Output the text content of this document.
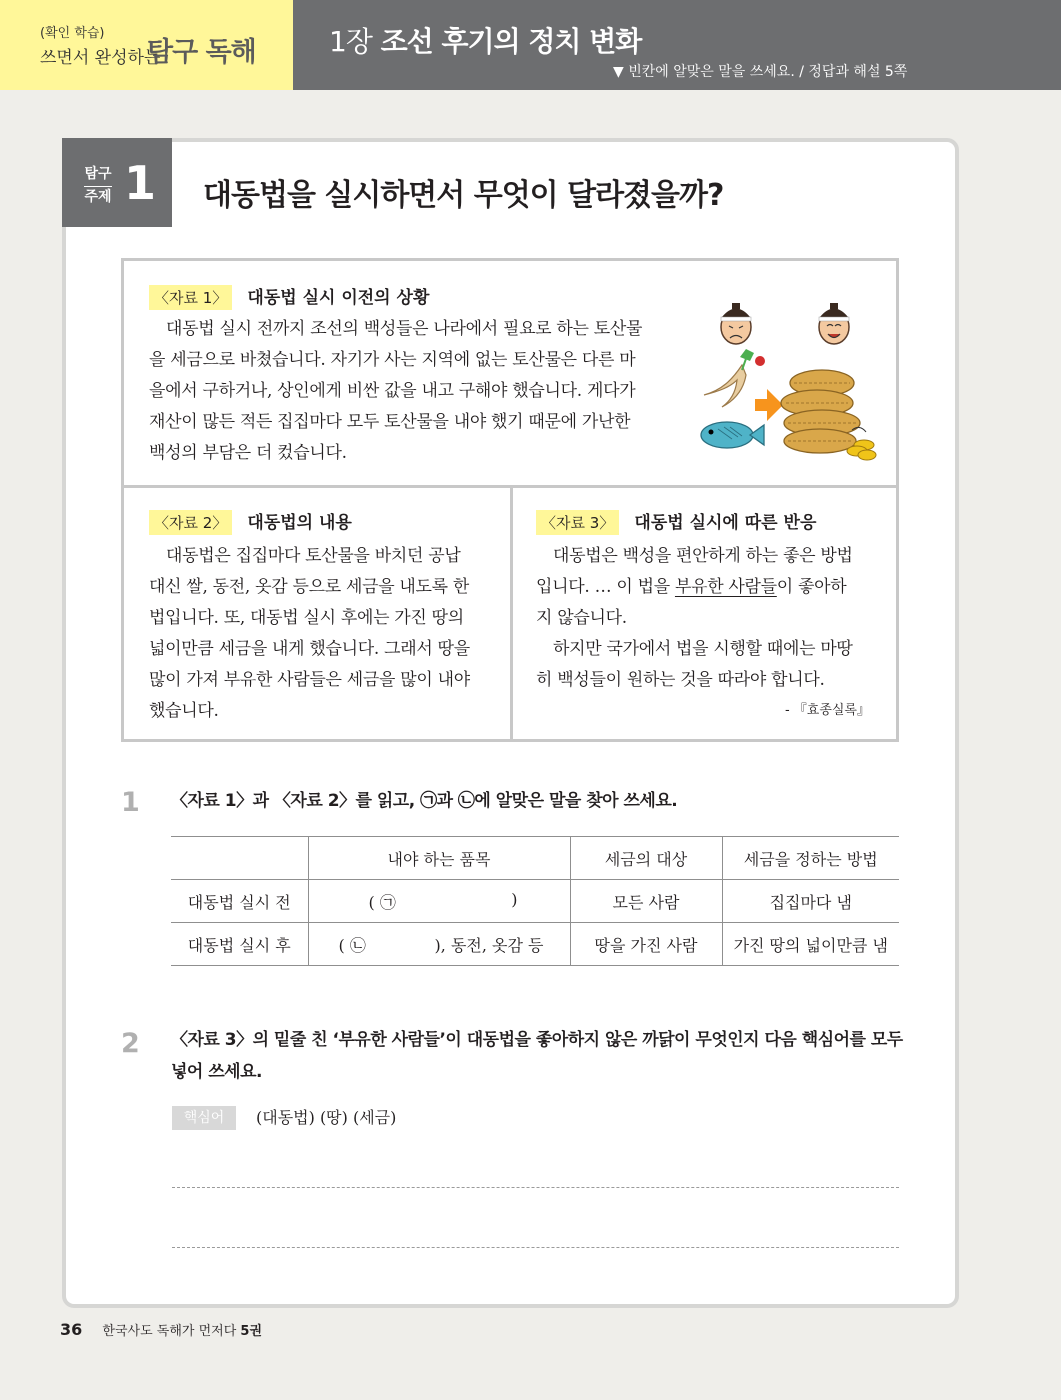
(확인 학습)
쓰면서 완성하는
탐구 독해	1장 조선 후기의 정치 변화
▼ 빈칸에 알맞은 말을 쓰세요. / 정답과 해설 5쪽
탐구
주제 1 대동법을 실시하면서 무엇이 달라졌을까?
〈자료 1〉 대동법 실시 이전의 상황

대동법 실시 전까지 조선의 백성들은 나라에서 필요로 하는 토산물

을 세금으로 바쳤습니다. 자기가 사는 지역에 없는 토산물은 다른 마
을에서 구하거나, 상인에게 비싼 값을 내고 구해야 했습니다. 게다가
재산이 많든 적든 집집마다 모두 토산물을 내야 했기 때문에 가난한
백성의 부담은 더 컸습니다.
〈자료 2〉 대동법의 내용

대동법은 집집마다 토산물을 바치던 공납

대신 쌀, 동전, 옷감 등으로 세금을 내도록 한
법입니다. 또, 대동법 실시 후에는 가진 땅의
넓이만큼 세금을 내게 했습니다. 그래서 땅을
많이 가져 부유한 사람들은 세금을 많이 내야
했습니다.
〈자료 3〉 대동법 실시에 따른 반응

대동법은 백성을 편안하게 하는 좋은 방법

입니다. … 이 법을 부유한 사람들이 좋아하
지 않습니다.

하지만 국가에서 법을 시행할 때에는 마땅

히 백성들이 원하는 것을 따라야 합니다.
- 『효종실록』
1 〈자료 1〉과 〈자료 2〉를 읽고, ㉠과 ㉡에 알맞은 말을 찾아 쓰세요.
	내야 하는 품목	세금의 대상	세금을 정하는 방법
대동법 실시 전	( ㉠ )	모든 사람	집집마다 냄
대동법 실시 후	( ㉡ ), 동전, 옷감 등	땅을 가진 사람	가진 땅의 넓이만큼 냄
2 〈자료 3〉의 밑줄 친 ‘부유한 사람들’이 대동법을 좋아하지 않은 까닭이 무엇인지 다음 핵심어를 모두
넣어 쓰세요.
핵심어	(대동법) (땅) (세금)
36 한국사도 독해가 먼저다 5권
